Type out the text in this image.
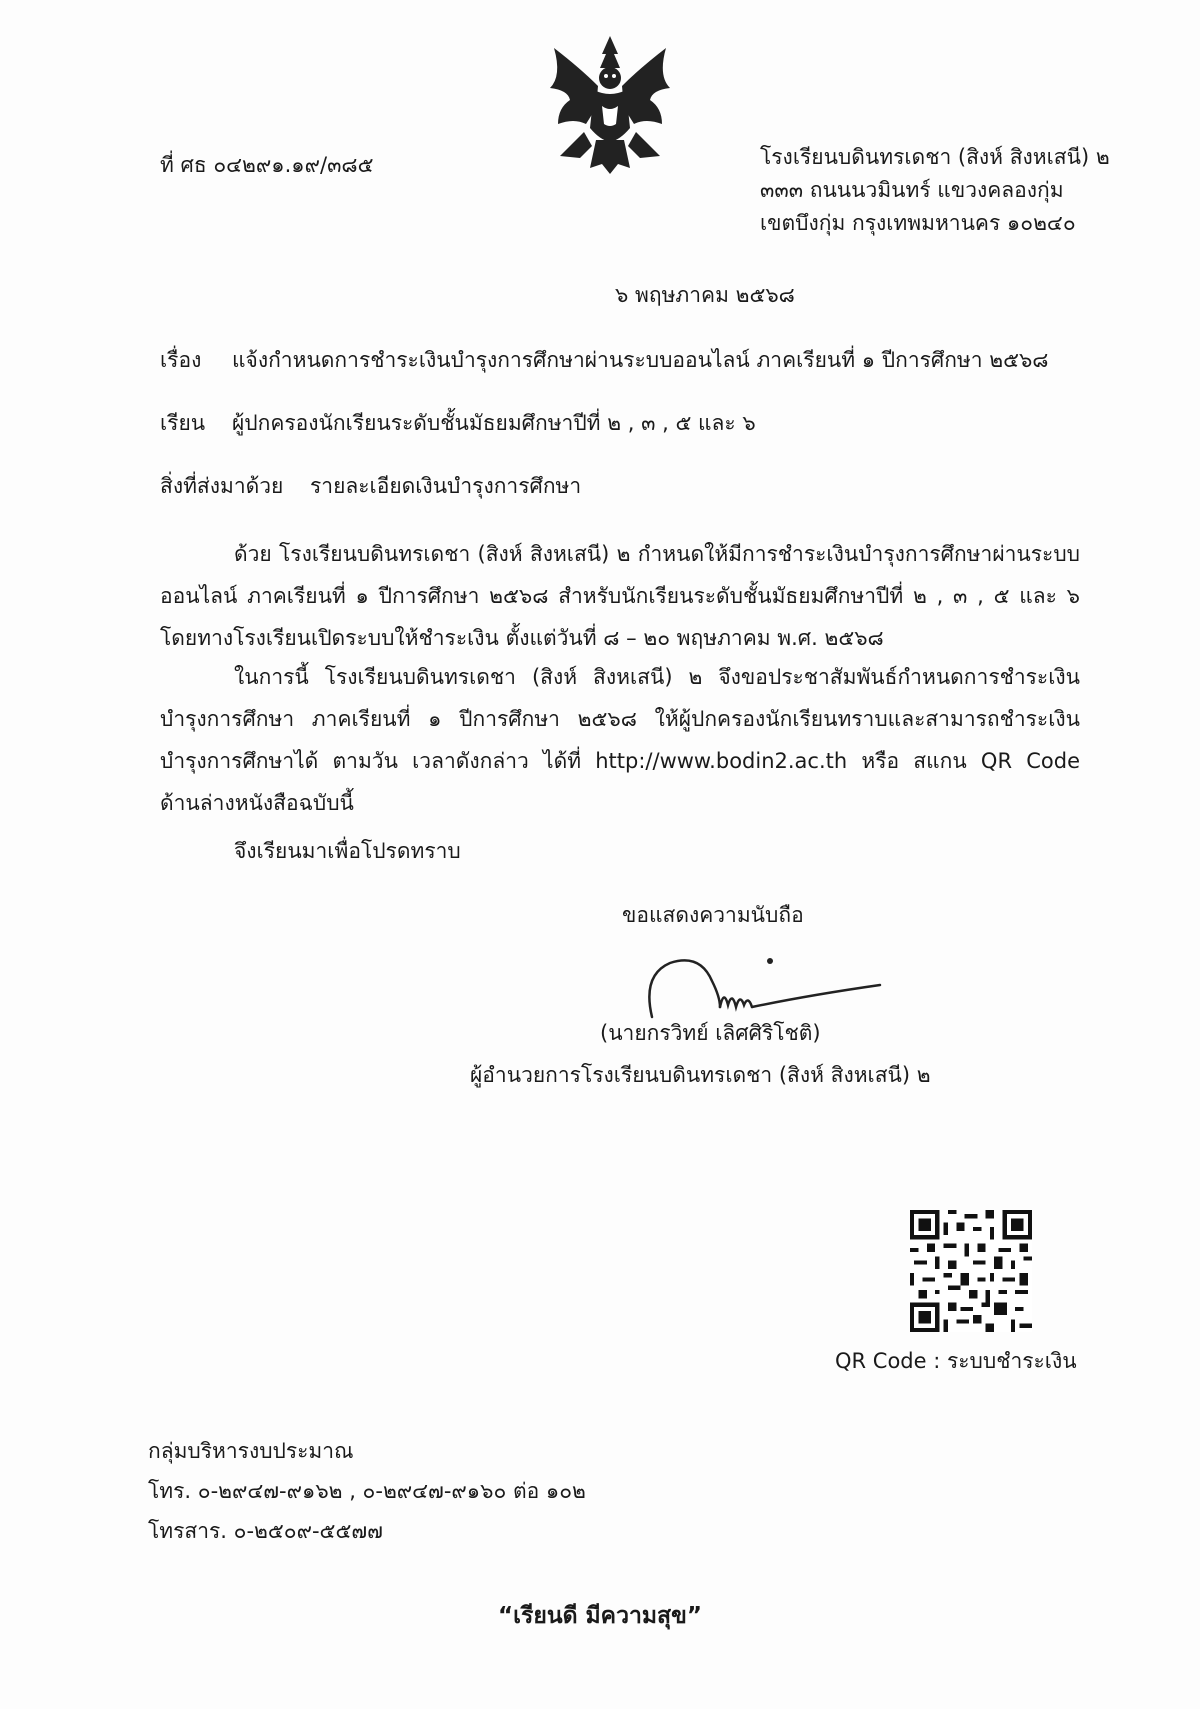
ที่ ศธ ๐๔๒๙๑.๑๙/๓๘๕	โรงเรียนบดินทรเดชา (สิงห์ สิงหเสนี) ๒
๓๓๓ ถนนนวมินทร์ แขวงคลองกุ่ม
เขตบึงกุ่ม กรุงเทพมหานคร ๑๐๒๔๐
๖ พฤษภาคม ๒๕๖๘
เรื่อง แจ้งกำหนดการชำระเงินบำรุงการศึกษาผ่านระบบออนไลน์ ภาคเรียนที่ ๑ ปีการศึกษา ๒๕๖๘
เรียน ผู้ปกครองนักเรียนระดับชั้นมัธยมศึกษาปีที่ ๒ , ๓ , ๕ และ ๖
สิ่งที่ส่งมาด้วย รายละเอียดเงินบำรุงการศึกษา
ด้วย โรงเรียนบดินทรเดชา (สิงห์ สิงหเสนี) ๒ กำหนดให้มีการชำระเงินบำรุงการศึกษาผ่านระบบ
ออนไลน์ ภาคเรียนที่ ๑ ปีการศึกษา ๒๕๖๘ สำหรับนักเรียนระดับชั้นมัธยมศึกษาปีที่ ๒ , ๓ , ๕ และ ๖
โดยทางโรงเรียนเปิดระบบให้ชำระเงิน ตั้งแต่วันที่ ๘ – ๒๐ พฤษภาคม พ.ศ. ๒๕๖๘
ในการนี้ โรงเรียนบดินทรเดชา (สิงห์ สิงหเสนี) ๒ จึงขอประชาสัมพันธ์กำหนดการชำระเงิน
บำรุงการศึกษา ภาคเรียนที่ ๑ ปีการศึกษา ๒๕๖๘ ให้ผู้ปกครองนักเรียนทราบและสามารถชำระเงิน
บำรุงการศึกษาได้ ตามวัน เวลาดังกล่าว ได้ที่ http://www.bodin2.ac.th หรือ สแกน QR Code
ด้านล่างหนังสือฉบับนี้
จึงเรียนมาเพื่อโปรดทราบ
ขอแสดงความนับถือ
(นายกรวิทย์ เลิศศิริโชติ)
ผู้อำนวยการโรงเรียนบดินทรเดชา (สิงห์ สิงหเสนี) ๒
QR Code : ระบบชำระเงิน
กลุ่มบริหารงบประมาณ
โทร. ๐-๒๙๔๗-๙๑๖๒ , ๐-๒๙๔๗-๙๑๖๐ ต่อ ๑๐๒
โทรสาร. ๐-๒๕๐๙-๕๕๗๗
“เรียนดี มีความสุข”
